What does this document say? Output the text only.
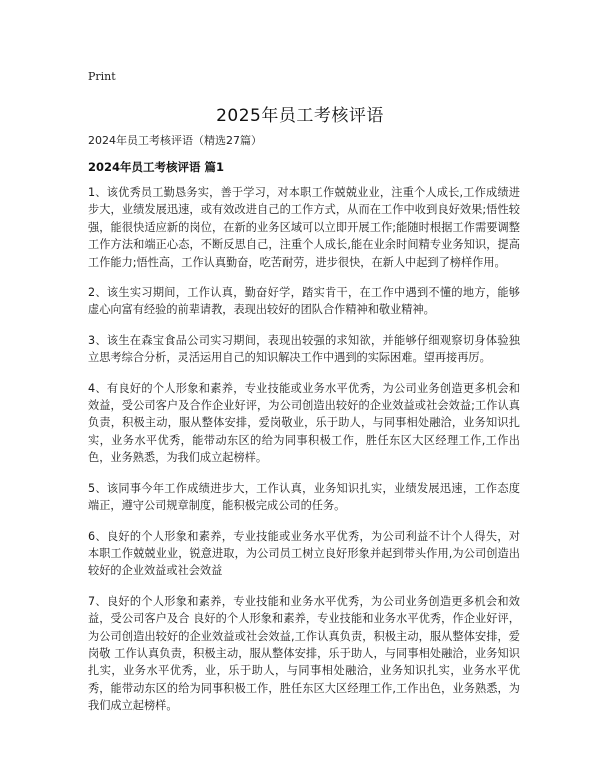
Print
2025年员工考核评语
2024年员工考核评语（精选27篇）
2024年员工考核评语 篇1

1、该优秀员工勤恳务实，善于学习，对本职工作兢兢业业，注重个人成长,工作成绩进步大，业绩发展迅速，或有效改进自己的工作方式，从而在工作中收到良好效果;悟性较强，能很快适应新的岗位，在新的业务区域可以立即开展工作;能随时根据工作需要调整工作方法和端正心态，不断反思自己，注重个人成长,能在业余时间精专业务知识，提高工作能力;悟性高，工作认真勤奋，吃苦耐劳，进步很快，在新人中起到了榜样作用。

2、该生实习期间，工作认真，勤奋好学，踏实肯干，在工作中遇到不懂的地方，能够虚心向富有经验的前辈请教，表现出较好的团队合作精神和敬业精神。

3、该生在森宝食品公司实习期间，表现出较强的求知欲，并能够仔细观察切身体验独立思考综合分析，灵活运用自己的知识解决工作中遇到的实际困难。望再接再厉。

4、有良好的个人形象和素养，专业技能或业务水平优秀，为公司业务创造更多机会和效益，受公司客户及合作企业好评，为公司创造出较好的企业效益或社会效益;工作认真负责，积极主动，服从整体安排，爱岗敬业，乐于助人，与同事相处融洽，业务知识扎实，业务水平优秀，能带动东区的给为同事积极工作，胜任东区大区经理工作,工作出色，业务熟悉，为我们成立起榜样。

5、该同事今年工作成绩进步大，工作认真，业务知识扎实，业绩发展迅速，工作态度端正，遵守公司规章制度，能积极完成公司的任务。

6、良好的个人形象和素养，专业技能或业务水平优秀，为公司利益不计个人得失，对本职工作兢兢业业，锐意进取，为公司员工树立良好形象并起到带头作用,为公司创造出较好的企业效益或社会效益

7、良好的个人形象和素养，专业技能和业务水平优秀，为公司业务创造更多机会和效益，受公司客户及合 良好的个人形象和素养，专业技能和业务水平优秀，作企业好评，为公司创造出较好的企业效益或社会效益,工作认真负责，积极主动，服从整体安排，爱岗敬 工作认真负责，积极主动，服从整体安排，乐于助人，与同事相处融洽，业务知识扎实，业务水平优秀，业，乐于助人，与同事相处融洽，业务知识扎实，业务水平优秀，能带动东区的给为同事积极工作，胜任东区大区经理工作,工作出色，业务熟悉，为我们成立起榜样。
